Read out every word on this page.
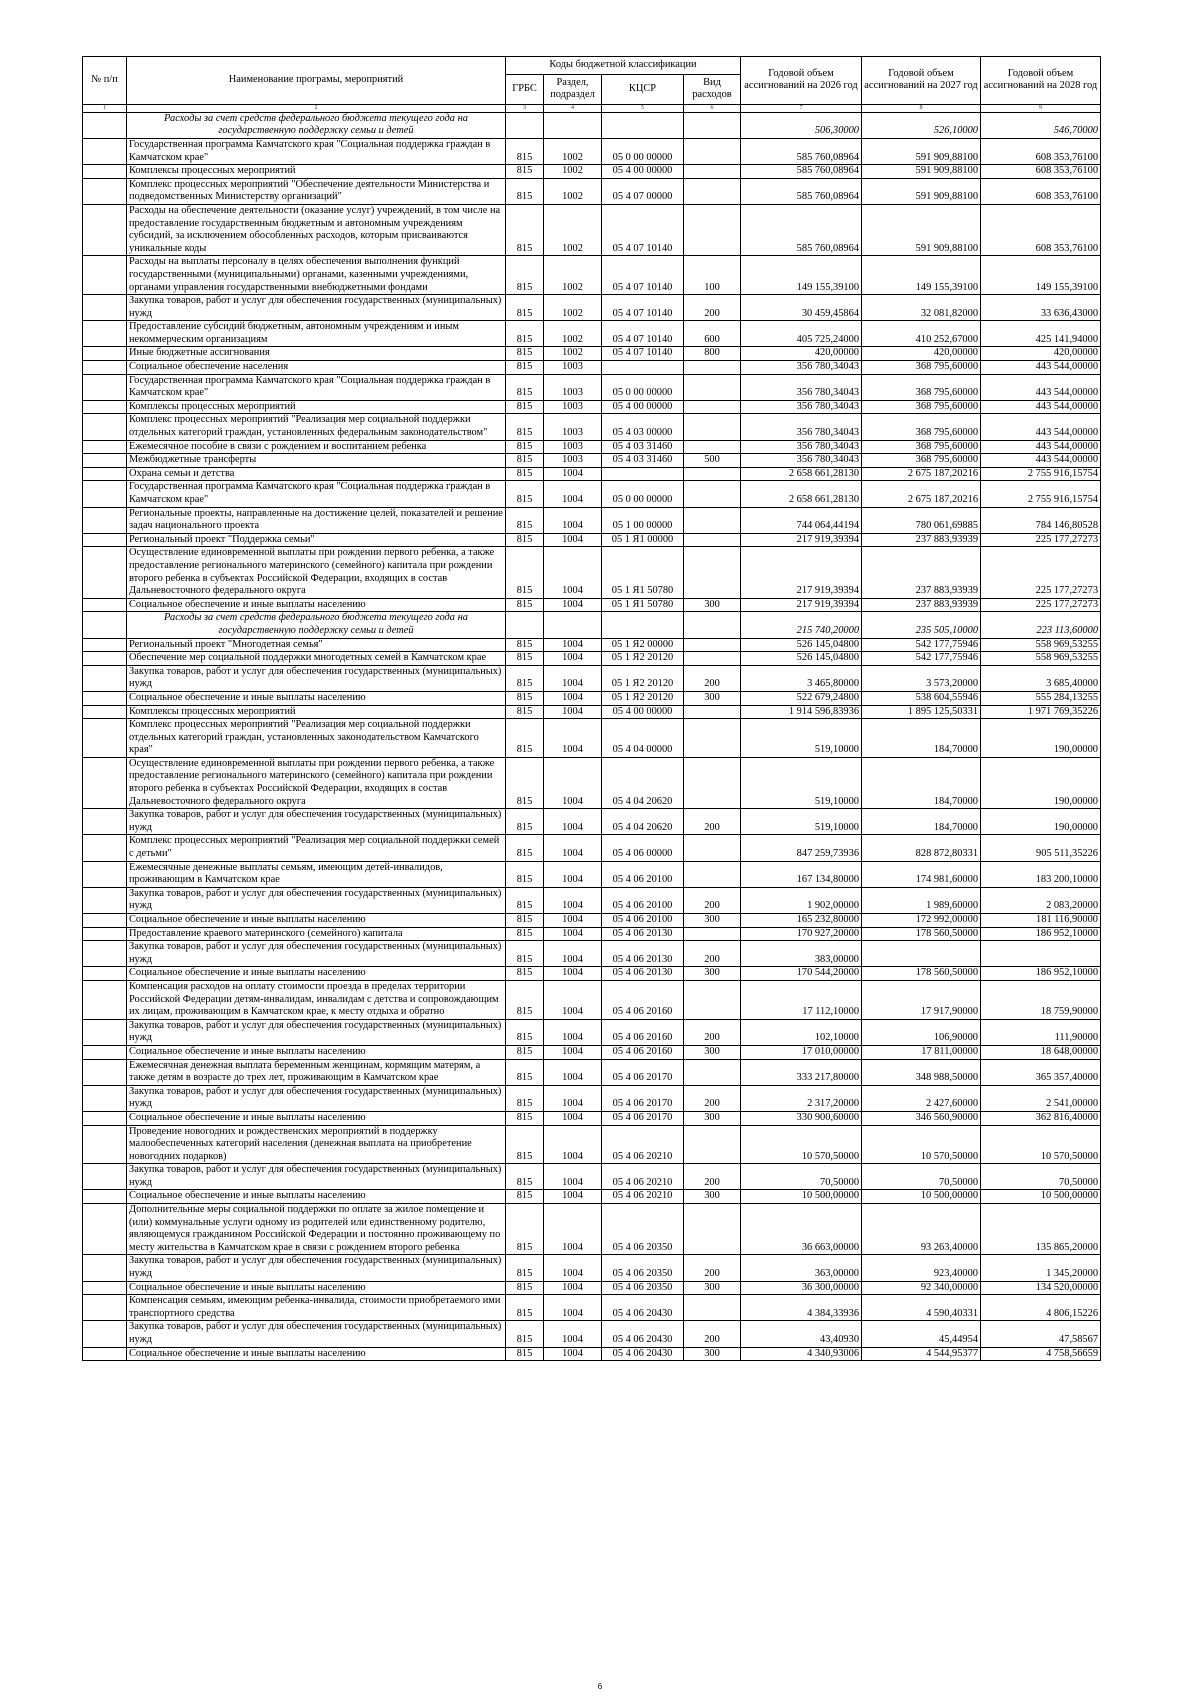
№ п/п	Наименование програмы, мероприятий	Коды бюджетной классификации				Годовой объем ассигнований на 2026 год	Годовой объем ассигнований на 2027 год	Годовой объем ассигнований на 2028 год
		ГРБС	Раздел, подраздел	КЦСР	Вид расходов			
1	2	3	4	5	6	7	8	9
	Расходы за счет средств федерального бюджета текущего года на государственную поддержку семьи и детей					506,30000	526,10000	546,70000
	Государственная программа Камчатского края "Социальная поддержка граждан в Камчатском крае"	815	1002	05 0 00 00000		585 760,08964	591 909,88100	608 353,76100
	Комплексы процессных мероприятий	815	1002	05 4 00 00000		585 760,08964	591 909,88100	608 353,76100
	Комплекс процессных мероприятий "Обеспечение деятельности Министерства и подведомственных Министерству организаций"	815	1002	05 4 07 00000		585 760,08964	591 909,88100	608 353,76100
	Расходы на обеспечение деятельности (оказание услуг) учреждений, в том числе на предоставление государственным бюджетным и автономным учреждениям субсидий, за исключением обособленных расходов, которым присваиваются уникальные коды	815	1002	05 4 07 10140		585 760,08964	591 909,88100	608 353,76100
	Расходы на выплаты персоналу в целях обеспечения выполнения функций государственными (муниципальными) органами, казенными учреждениями, органами управления государственными внебюджетными фондами	815	1002	05 4 07 10140	100	149 155,39100	149 155,39100	149 155,39100
	Закупка товаров, работ и услуг для обеспечения государственных (муниципальных) нужд	815	1002	05 4 07 10140	200	30 459,45864	32 081,82000	33 636,43000
	Предоставление субсидий бюджетным, автономным учреждениям и иным некоммерческим организациям	815	1002	05 4 07 10140	600	405 725,24000	410 252,67000	425 141,94000
	Иные бюджетные ассигнования	815	1002	05 4 07 10140	800	420,00000	420,00000	420,00000
	Социальное обеспечение населения	815	1003			356 780,34043	368 795,60000	443 544,00000
	Государственная программа Камчатского края "Социальная поддержка граждан в Камчатском крае"	815	1003	05 0 00 00000		356 780,34043	368 795,60000	443 544,00000
	Комплексы процессных мероприятий	815	1003	05 4 00 00000		356 780,34043	368 795,60000	443 544,00000
	Комплекс процессных мероприятий "Реализация мер социальной поддержки отдельных категорий граждан, установленных федеральным законодательством"	815	1003	05 4 03 00000		356 780,34043	368 795,60000	443 544,00000
	Ежемесячное пособие в связи с рождением и воспитанием ребенка	815	1003	05 4 03 31460		356 780,34043	368 795,60000	443 544,00000
	Межбюджетные трансферты	815	1003	05 4 03 31460	500	356 780,34043	368 795,60000	443 544,00000
	Охрана семьи и детства	815	1004			2 658 661,28130	2 675 187,20216	2 755 916,15754
	Государственная программа Камчатского края "Социальная поддержка граждан в Камчатском крае"	815	1004	05 0 00 00000		2 658 661,28130	2 675 187,20216	2 755 916,15754
	Региональные проекты, направленные на достижение целей, показателей и решение задач национального проекта	815	1004	05 1 00 00000		744 064,44194	780 061,69885	784 146,80528
	Региональный проект "Поддержка семьи"	815	1004	05 1 Я1 00000		217 919,39394	237 883,93939	225 177,27273
	Осуществление единовременной выплаты при рождении первого ребенка, а также предоставление регионального материнского (семейного) капитала при рождении второго ребенка в субъектах Российской Федерации, входящих в состав Дальневосточного федерального округа	815	1004	05 1 Я1 50780		217 919,39394	237 883,93939	225 177,27273
	Социальное обеспечение и иные выплаты населению	815	1004	05 1 Я1 50780	300	217 919,39394	237 883,93939	225 177,27273
	Расходы за счет средств федерального бюджета текущего года на государственную поддержку семьи и детей					215 740,20000	235 505,10000	223 113,60000
	Региональный проект "Многодетная семья"	815	1004	05 1 Я2 00000		526 145,04800	542 177,75946	558 969,53255
	Обеспечение мер социальной поддержки многодетных семей в Камчатском крае	815	1004	05 1 Я2 20120		526 145,04800	542 177,75946	558 969,53255
	Закупка товаров, работ и услуг для обеспечения государственных (муниципальных) нужд	815	1004	05 1 Я2 20120	200	3 465,80000	3 573,20000	3 685,40000
	Социальное обеспечение и иные выплаты населению	815	1004	05 1 Я2 20120	300	522 679,24800	538 604,55946	555 284,13255
	Комплексы процессных мероприятий	815	1004	05 4 00 00000		1 914 596,83936	1 895 125,50331	1 971 769,35226
	Комплекс процессных мероприятий "Реализация мер социальной поддержки отдельных категорий граждан, установленных законодательством Камчатского края"	815	1004	05 4 04 00000		519,10000	184,70000	190,00000
	Осуществление единовременной выплаты при рождении первого ребенка, а также предоставление регионального материнского (семейного) капитала при рождении второго ребенка в субъектах Российской Федерации, входящих в состав Дальневосточного федерального округа	815	1004	05 4 04 20620		519,10000	184,70000	190,00000
	Закупка товаров, работ и услуг для обеспечения государственных (муниципальных) нужд	815	1004	05 4 04 20620	200	519,10000	184,70000	190,00000
	Комплекс процессных мероприятий "Реализация мер социальной поддержки семей с детьми"	815	1004	05 4 06 00000		847 259,73936	828 872,80331	905 511,35226
	Ежемесячные денежные выплаты семьям, имеющим детей-инвалидов, проживающим в Камчатском крае	815	1004	05 4 06 20100		167 134,80000	174 981,60000	183 200,10000
	Закупка товаров, работ и услуг для обеспечения государственных (муниципальных) нужд	815	1004	05 4 06 20100	200	1 902,00000	1 989,60000	2 083,20000
	Социальное обеспечение и иные выплаты населению	815	1004	05 4 06 20100	300	165 232,80000	172 992,00000	181 116,90000
	Предоставление краевого материнского (семейного) капитала	815	1004	05 4 06 20130		170 927,20000	178 560,50000	186 952,10000
	Закупка товаров, работ и услуг для обеспечения государственных (муниципальных) нужд	815	1004	05 4 06 20130	200	383,00000		
	Социальное обеспечение и иные выплаты населению	815	1004	05 4 06 20130	300	170 544,20000	178 560,50000	186 952,10000
	Компенсация расходов на оплату стоимости проезда в пределах территории Российской Федерации детям-инвалидам, инвалидам с детства и сопровождающим их лицам, проживающим в Камчатском крае, к месту отдыха и обратно	815	1004	05 4 06 20160		17 112,10000	17 917,90000	18 759,90000
	Закупка товаров, работ и услуг для обеспечения государственных (муниципальных) нужд	815	1004	05 4 06 20160	200	102,10000	106,90000	111,90000
	Социальное обеспечение и иные выплаты населению	815	1004	05 4 06 20160	300	17 010,00000	17 811,00000	18 648,00000
	Ежемесячная денежная выплата беременным женщинам, кормящим матерям, а также детям в возрасте до трех лет, проживающим в Камчатском крае	815	1004	05 4 06 20170		333 217,80000	348 988,50000	365 357,40000
	Закупка товаров, работ и услуг для обеспечения государственных (муниципальных) нужд	815	1004	05 4 06 20170	200	2 317,20000	2 427,60000	2 541,00000
	Социальное обеспечение и иные выплаты населению	815	1004	05 4 06 20170	300	330 900,60000	346 560,90000	362 816,40000
	Проведение новогодних и рождественских мероприятий в поддержку малообеспеченных категорий населения (денежная выплата на приобретение новогодних подарков)	815	1004	05 4 06 20210		10 570,50000	10 570,50000	10 570,50000
	Закупка товаров, работ и услуг для обеспечения государственных (муниципальных) нужд	815	1004	05 4 06 20210	200	70,50000	70,50000	70,50000
	Социальное обеспечение и иные выплаты населению	815	1004	05 4 06 20210	300	10 500,00000	10 500,00000	10 500,00000
	Дополнительные меры социальной поддержки по оплате за жилое помещение и (или) коммунальные услуги одному из родителей или единственному родителю, являющемуся гражданином Российской Федерации и постоянно проживающему по месту жительства в Камчатском крае в связи с рождением второго ребенка	815	1004	05 4 06 20350		36 663,00000	93 263,40000	135 865,20000
	Закупка товаров, работ и услуг для обеспечения государственных (муниципальных) нужд	815	1004	05 4 06 20350	200	363,00000	923,40000	1 345,20000
	Социальное обеспечение и иные выплаты населению	815	1004	05 4 06 20350	300	36 300,00000	92 340,00000	134 520,00000
	Компенсация семьям, имеющим ребенка-инвалида, стоимости приобретаемого ими транспортного средства	815	1004	05 4 06 20430		4 384,33936	4 590,40331	4 806,15226
	Закупка товаров, работ и услуг для обеспечения государственных (муниципальных) нужд	815	1004	05 4 06 20430	200	43,40930	45,44954	47,58567
	Социальное обеспечение и иные выплаты населению	815	1004	05 4 06 20430	300	4 340,93006	4 544,95377	4 758,56659
6
